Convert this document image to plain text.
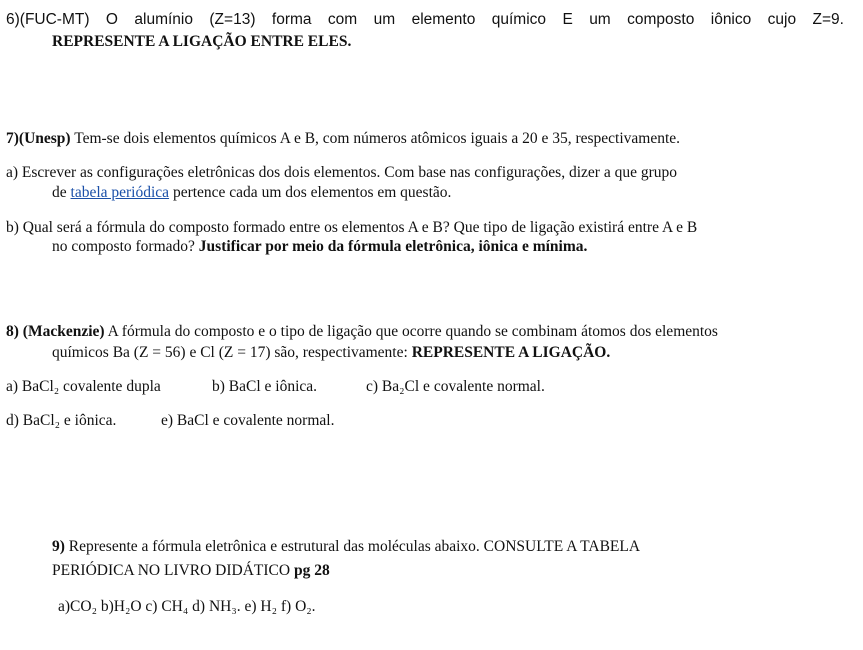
6)(FUC-MT) O alumínio (Z=13) forma com um elemento químico E um composto iônico cujo Z=9.
REPRESENTE A LIGAÇÃO ENTRE ELES.
7)(Unesp) Tem-se dois elementos químicos A e B, com números atômicos iguais a 20 e 35, respectivamente.
a) Escrever as configurações eletrônicas dos dois elementos. Com base nas configurações, dizer a que grupo
de tabela periódica pertence cada um dos elementos em questão.
b) Qual será a fórmula do composto formado entre os elementos A e B? Que tipo de ligação existirá entre A e B
no composto formado? Justificar por meio da fórmula eletrônica, iônica e mínima.
8) (Mackenzie) A fórmula do composto e o tipo de ligação que ocorre quando se combinam átomos dos elementos
químicos Ba (Z = 56) e Cl (Z = 17) são, respectivamente: REPRESENTE A LIGAÇÃO.
a) BaCl₂ covalente dupla	b) BaCl e iônica.	c) Ba₂Cl e covalente normal.
d) BaCl₂ e iônica.	e) BaCl e covalente normal.
9) Represente a fórmula eletrônica e estrutural das moléculas abaixo. CONSULTE A TABELA
PERIÓDICA NO LIVRO DIDÁTICO pg 28
a)CO₂ b)H₂O c) CH₄ d) NH₃. e) H₂ f) O₂.
